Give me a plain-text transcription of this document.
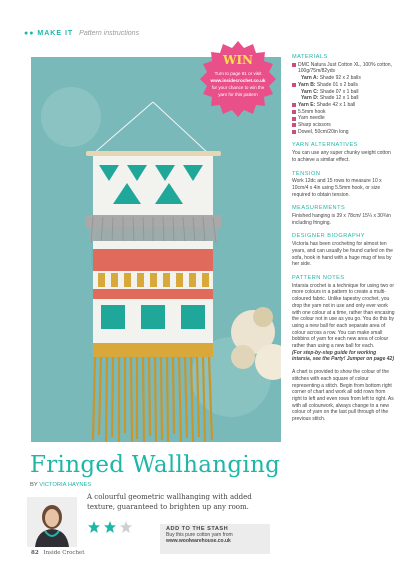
●● MAKE IT Pattern instructions
WIN
Turn to page 91 or visit
www.insidecrochet.co.uk
for your chance to win the
yarn for this pattern
MATERIALS
DMC Natura Just Cotton XL, 100% cotton, 100g/75m/82yds
Yarn A: Shade 92 x 2 balls
Yarn B: Shade 01 x 2 balls
Yarn C: Shade 07 x 1 ball
Yarn D: Shade 12 x 1 ball
Yarn E: Shade 42 x 1 ball
5.5mm hook
Yarn needle
Sharp scissors
Dowel, 50cm/20in long
YARN ALTERNATIVES

You can use any super chunky weight cotton to achieve a similar effect.

TENSION

Work 12dc and 15 rows to measure 10 x 10cm/4 x 4in using 5.5mm hook, or size required to obtain tension.

MEASUREMENTS

Finished hanging is 39 x 78cm/ 15¼ x 30¾in including fringing.

DESIGNER BIOGRAPHY

Victoria has been crocheting for almost ten years, and can usually be found curled on the sofa, hook in hand with a huge mug of tea by her side.

PATTERN NOTES

Intarsia crochet is a technique for using two or more colours in a pattern to create a multi-coloured fabric. Unlike tapestry crochet, you drop the yarn not in use and only ever work with one colour at a time, rather than encasing the colour not in use as you go. You do this by using a new ball for each separate area of colour across a row. You can make small bobbins of yarn for each new area of colour rather than using a new ball for each.

(For step-by-step guide for working intarsia, see the Party! Jumper on page 42)

A chart is provided to show the colour of the stitches with each square of colour representing a stitch. Begin from bottom right corner of chart and work all odd rows from right to left and even rows from left to right. As with all colourwork, always change to a new colour of yarn on the last pull through of the previous stitch.

Fringed Wallhanging
BY VICTORIA HAYNES
A colourful geometric wallhanging with added texture, guaranteed to brighten up any room.
ADD TO THE STASH
Buy this pure cotton yarn from
www.woolwarehouse.co.uk
82 Inside Crochet
